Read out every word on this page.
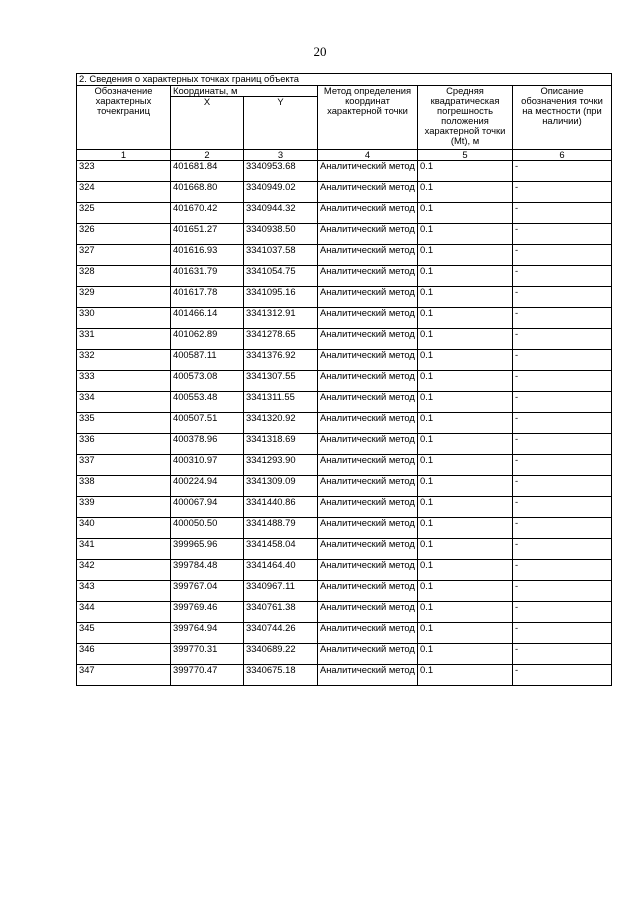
20
2. Сведения о характерных точках границ объекта					
Обозначение характерных точекграниц	Координаты, м		Метод определения координат характерной точки	Средняя квадратическая погрешность положения характерной точки (Mt), м	Описание обозначения точки на местности (при наличии)
	X	Y			
1	2	3	4	5	6
323	401681.84	3340953.68	Аналитический метод	0.1	-
324	401668.80	3340949.02	Аналитический метод	0.1	-
325	401670.42	3340944.32	Аналитический метод	0.1	-
326	401651.27	3340938.50	Аналитический метод	0.1	-
327	401616.93	3341037.58	Аналитический метод	0.1	-
328	401631.79	3341054.75	Аналитический метод	0.1	-
329	401617.78	3341095.16	Аналитический метод	0.1	-
330	401466.14	3341312.91	Аналитический метод	0.1	-
331	401062.89	3341278.65	Аналитический метод	0.1	-
332	400587.11	3341376.92	Аналитический метод	0.1	-
333	400573.08	3341307.55	Аналитический метод	0.1	-
334	400553.48	3341311.55	Аналитический метод	0.1	-
335	400507.51	3341320.92	Аналитический метод	0.1	-
336	400378.96	3341318.69	Аналитический метод	0.1	-
337	400310.97	3341293.90	Аналитический метод	0.1	-
338	400224.94	3341309.09	Аналитический метод	0.1	-
339	400067.94	3341440.86	Аналитический метод	0.1	-
340	400050.50	3341488.79	Аналитический метод	0.1	-
341	399965.96	3341458.04	Аналитический метод	0.1	-
342	399784.48	3341464.40	Аналитический метод	0.1	-
343	399767.04	3340967.11	Аналитический метод	0.1	-
344	399769.46	3340761.38	Аналитический метод	0.1	-
345	399764.94	3340744.26	Аналитический метод	0.1	-
346	399770.31	3340689.22	Аналитический метод	0.1	-
347	399770.47	3340675.18	Аналитический метод	0.1	-
